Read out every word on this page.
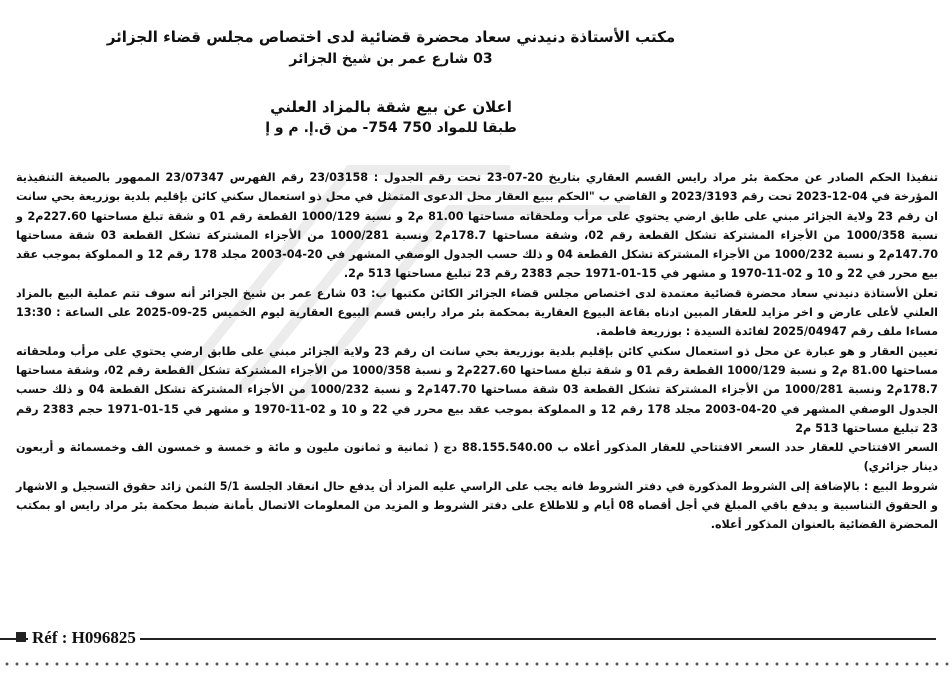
مكتب الأستاذة دنيدني سعاد محضرة قضائية لدى اختصاص مجلس قضاء الجزائر
03 شارع عمر بن شيخ الجزائر
اعلان عن بيع شقة بالمزاد العلني
طبقا للمواد 750 754- من ق.إ. م و إ

تنفيذا الحكم الصادر عن محكمة بئر مراد رايس القسم العقاري بتاريخ 20-07-23 تحت رقم الجدول : 23/03158 رقم الفهرس 23/07347 الممهور بالصيغة التنفيذية المؤرخة في 04-12-2023 تحت رقم 2023/3193 و القاضي ب "الحكم ببيع العقار محل الدعوى المتمثل في محل ذو استعمال سكني كائن بإقليم بلدية بوزريعة بحي سانت ان رقم 23 ولاية الجزائر مبني على طابق ارضي يحتوي على مرأب وملحقاته مساحتها 81.00 م2 و نسبة 1000/129 القطعة رقم 01 و شقة تبلغ مساحتها 227.60م2 و نسبة 1000/358 من الأجزاء المشتركة تشكل القطعة رقم 02، وشقة مساحتها 178.7م2 ونسبة 1000/281 من الأجزاء المشتركة تشكل القطعة 03 شقة مساحتها 147.70م2 و نسبة 1000/232 من الأجزاء المشتركة تشكل القطعة 04 و ذلك حسب الجدول الوصفي المشهر في 20-04-2003 مجلد 178 رقم 12 و المملوكة بموجب عقد بيع محرر في 22 و 10 و 02-11-1970 و مشهر في 15-01-1971 حجم 2383 رقم 23 تبليغ مساحتها 513 م2.

تعلن الأستاذة دنيدني سعاد محضرة قضائية معتمدة لدى اختصاص مجلس قضاء الجزائر الكائن مكتبها ب: 03 شارع عمر بن شيخ الجزائر أنه سوف تتم عملية البيع بالمزاد العلني لأعلى عارض و اخر مزايد للعقار المبين ادناه بقاعة البيوع العقارية بمحكمة بئر مراد رايس قسم البيوع العقارية ليوم الخميس 25-09-2025 على الساعة : 13:30 مساءا ملف رقم 2025/04947 لفائدة السيدة : بوزريعة فاطمة.

تعيين العقار و هو عبارة عن محل ذو استعمال سكني كائن بإقليم بلدية بوزريعة بحي سانت ان رقم 23 ولاية الجزائر مبني على طابق ارضي يحتوي على مرأب وملحقاته مساحتها 81.00 م2 و نسبة 1000/129 القطعة رقم 01 و شقة تبلغ مساحتها 227.60م2 و نسبة 1000/358 من الأجزاء المشتركة تشكل القطعة رقم 02، وشقة مساحتها 178.7م2 ونسبة 1000/281 من الأجزاء المشتركة تشكل القطعة 03 شقة مساحتها 147.70م2 و نسبة 1000/232 من الأجزاء المشتركة تشكل القطعة 04 و ذلك حسب الجدول الوصفي المشهر في 20-04-2003 مجلد 178 رقم 12 و المملوكة بموجب عقد بيع محرر في 22 و 10 و 02-11-1970 و مشهر في 15-01-1971 حجم 2383 رقم 23 تبليغ مساحتها 513 م2

السعر الافتتاحي للعقار حدد السعر الافتتاحي للعقار المذكور أعلاه ب 88.155.540.00 دج ( ثمانية و ثمانون مليون و مائة و خمسة و خمسون الف وخمسمائة و أربعون دينار جزائري)

شروط البيع : بالإضافة إلى الشروط المذكورة في دفتر الشروط فانه يجب على الراسي عليه المزاد أن يدفع حال انعقاد الجلسة 5/1 الثمن زائد حقوق التسجيل و الاشهار و الحقوق التناسبية و يدفع باقي المبلغ في أجل أقصاه 08 أيام و للاطلاع على دفتر الشروط و المزيد من المعلومات الاتصال بأمانة ضبط محكمة بئر مراد رايس او بمكتب المحضرة القضائية بالعنوان المذكور أعلاه.

Réf : H096825
